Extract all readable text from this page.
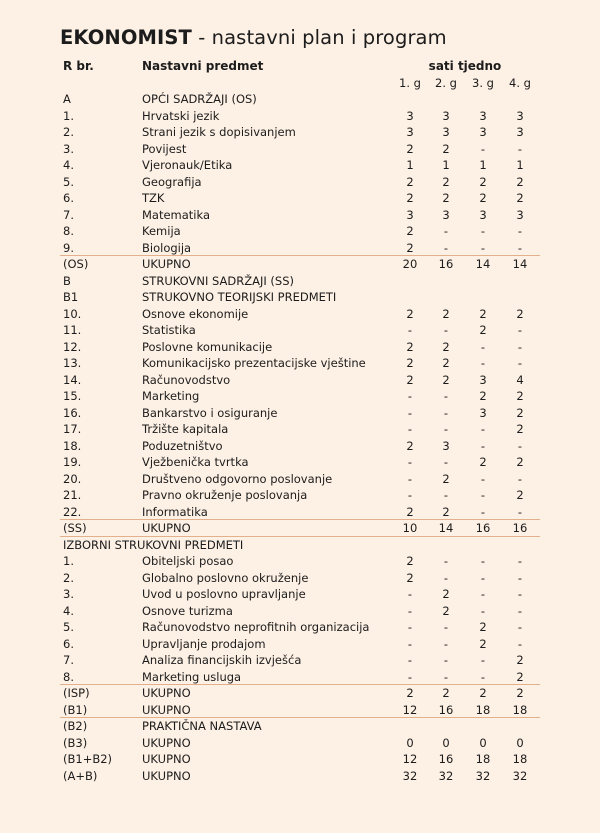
EKONOMIST - nastavni plan i program
R br.	Nastavni predmet	sati tjedno
1. g	2. g	3. g	4. g
A	OPĆI SADRŽAJI (OS)
1.	Hrvatski jezik	3	3	3	3
2.	Strani jezik s dopisivanjem	3	3	3	3
3.	Povijest	2	2	-	-
4.	Vjeronauk/Etika	1	1	1	1
5.	Geografija	2	2	2	2
6.	TZK	2	2	2	2
7.	Matematika	3	3	3	3
8.	Kemija	2	-	-	-
9.	Biologija	2	-	-	-
(OS)	UKUPNO	20	16	14	14
B	STRUKOVNI SADRŽAJI (SS)
B1	STRUKOVNO TEORIJSKI PREDMETI
10.	Osnove ekonomije	2	2	2	2
11.	Statistika	-	-	2	-
12.	Poslovne komunikacije	2	2	-	-
13.	Komunikacijsko prezentacijske vještine	2	2	-	-
14.	Računovodstvo	2	2	3	4
15.	Marketing	-	-	2	2
16.	Bankarstvo i osiguranje	-	-	3	2
17.	Tržište kapitala	-	-	-	2
18.	Poduzetništvo	2	3	-	-
19.	Vježbenička tvrtka	-	-	2	2
20.	Društveno odgovorno poslovanje	-	2	-	-
21.	Pravno okruženje poslovanja	-	-	-	2
22.	Informatika	2	2	-	-
(SS)	UKUPNO	10	14	16	16
IZBORNI STRUKOVNI PREDMETI
1.	Obiteljski posao	2	-	-	-
2.	Globalno poslovno okruženje	2	-	-	-
3.	Uvod u poslovno upravljanje	-	2	-	-
4.	Osnove turizma	-	2	-	-
5.	Računovodstvo neprofitnih organizacija	-	-	2	-
6.	Upravljanje prodajom	-	-	2	-
7.	Analiza financijskih izvješća	-	-	-	2
8.	Marketing usluga	-	-	-	2
(ISP)	UKUPNO	2	2	2	2
(B1)	UKUPNO	12	16	18	18
(B2)	PRAKTIČNA NASTAVA
(B3)	UKUPNO	0	0	0	0
(B1+B2)	UKUPNO	12	16	18	18
(A+B)	UKUPNO	32	32	32	32
